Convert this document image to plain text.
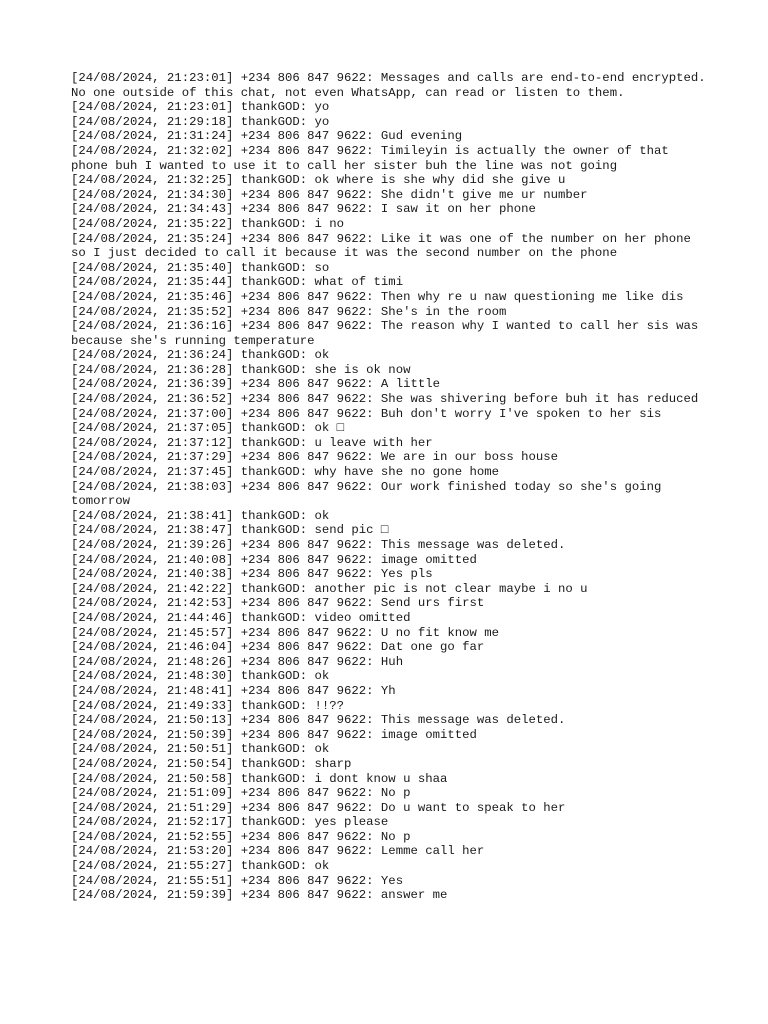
[24/08/2024, 21:23:01] +234 806 847 9622: Messages and calls are end-to-end encrypted. No one outside of this chat, not even WhatsApp, can read or listen to them.
[24/08/2024, 21:23:01] thankGOD: yo
[24/08/2024, 21:29:18] thankGOD: yo
[24/08/2024, 21:31:24] +234 806 847 9622: Gud evening
[24/08/2024, 21:32:02] +234 806 847 9622: Timileyin is actually the owner of that phone buh I wanted to use it to call her sister buh the line was not going
[24/08/2024, 21:32:25] thankGOD: ok where is she why did she give u
[24/08/2024, 21:34:30] +234 806 847 9622: She didn't give me ur number
[24/08/2024, 21:34:43] +234 806 847 9622: I saw it on her phone
[24/08/2024, 21:35:22] thankGOD: i no
[24/08/2024, 21:35:24] +234 806 847 9622: Like it was one of the number on her phone so I just decided to call it because it was the second number on the phone
[24/08/2024, 21:35:40] thankGOD: so
[24/08/2024, 21:35:44] thankGOD: what of timi
[24/08/2024, 21:35:46] +234 806 847 9622: Then why re u naw questioning me like dis
[24/08/2024, 21:35:52] +234 806 847 9622: She's in the room
[24/08/2024, 21:36:16] +234 806 847 9622: The reason why I wanted to call her sis was because she's running temperature
[24/08/2024, 21:36:24] thankGOD: ok
[24/08/2024, 21:36:28] thankGOD: she is ok now
[24/08/2024, 21:36:39] +234 806 847 9622: A little
[24/08/2024, 21:36:52] +234 806 847 9622: She was shivering before buh it has reduced
[24/08/2024, 21:37:00] +234 806 847 9622: Buh don't worry I've spoken to her sis
[24/08/2024, 21:37:05] thankGOD: ok □
[24/08/2024, 21:37:12] thankGOD: u leave with her
[24/08/2024, 21:37:29] +234 806 847 9622: We are in our boss house
[24/08/2024, 21:37:45] thankGOD: why have she no gone home
[24/08/2024, 21:38:03] +234 806 847 9622: Our work finished today so she's going tomorrow
[24/08/2024, 21:38:41] thankGOD: ok
[24/08/2024, 21:38:47] thankGOD: send pic □
[24/08/2024, 21:39:26] +234 806 847 9622: This message was deleted.
[24/08/2024, 21:40:08] +234 806 847 9622: image omitted
[24/08/2024, 21:40:38] +234 806 847 9622: Yes pls
[24/08/2024, 21:42:22] thankGOD: another pic is not clear maybe i no u
[24/08/2024, 21:42:53] +234 806 847 9622: Send urs first
[24/08/2024, 21:44:46] thankGOD: video omitted
[24/08/2024, 21:45:57] +234 806 847 9622: U no fit know me
[24/08/2024, 21:46:04] +234 806 847 9622: Dat one go far
[24/08/2024, 21:48:26] +234 806 847 9622: Huh
[24/08/2024, 21:48:30] thankGOD: ok
[24/08/2024, 21:48:41] +234 806 847 9622: Yh
[24/08/2024, 21:49:33] thankGOD: !!??
[24/08/2024, 21:50:13] +234 806 847 9622: This message was deleted.
[24/08/2024, 21:50:39] +234 806 847 9622: image omitted
[24/08/2024, 21:50:51] thankGOD: ok
[24/08/2024, 21:50:54] thankGOD: sharp
[24/08/2024, 21:50:58] thankGOD: i dont know u shaa
[24/08/2024, 21:51:09] +234 806 847 9622: No p
[24/08/2024, 21:51:29] +234 806 847 9622: Do u want to speak to her
[24/08/2024, 21:52:17] thankGOD: yes please
[24/08/2024, 21:52:55] +234 806 847 9622: No p
[24/08/2024, 21:53:20] +234 806 847 9622: Lemme call her
[24/08/2024, 21:55:27] thankGOD: ok
[24/08/2024, 21:55:51] +234 806 847 9622: Yes
[24/08/2024, 21:59:39] +234 806 847 9622: answer me
